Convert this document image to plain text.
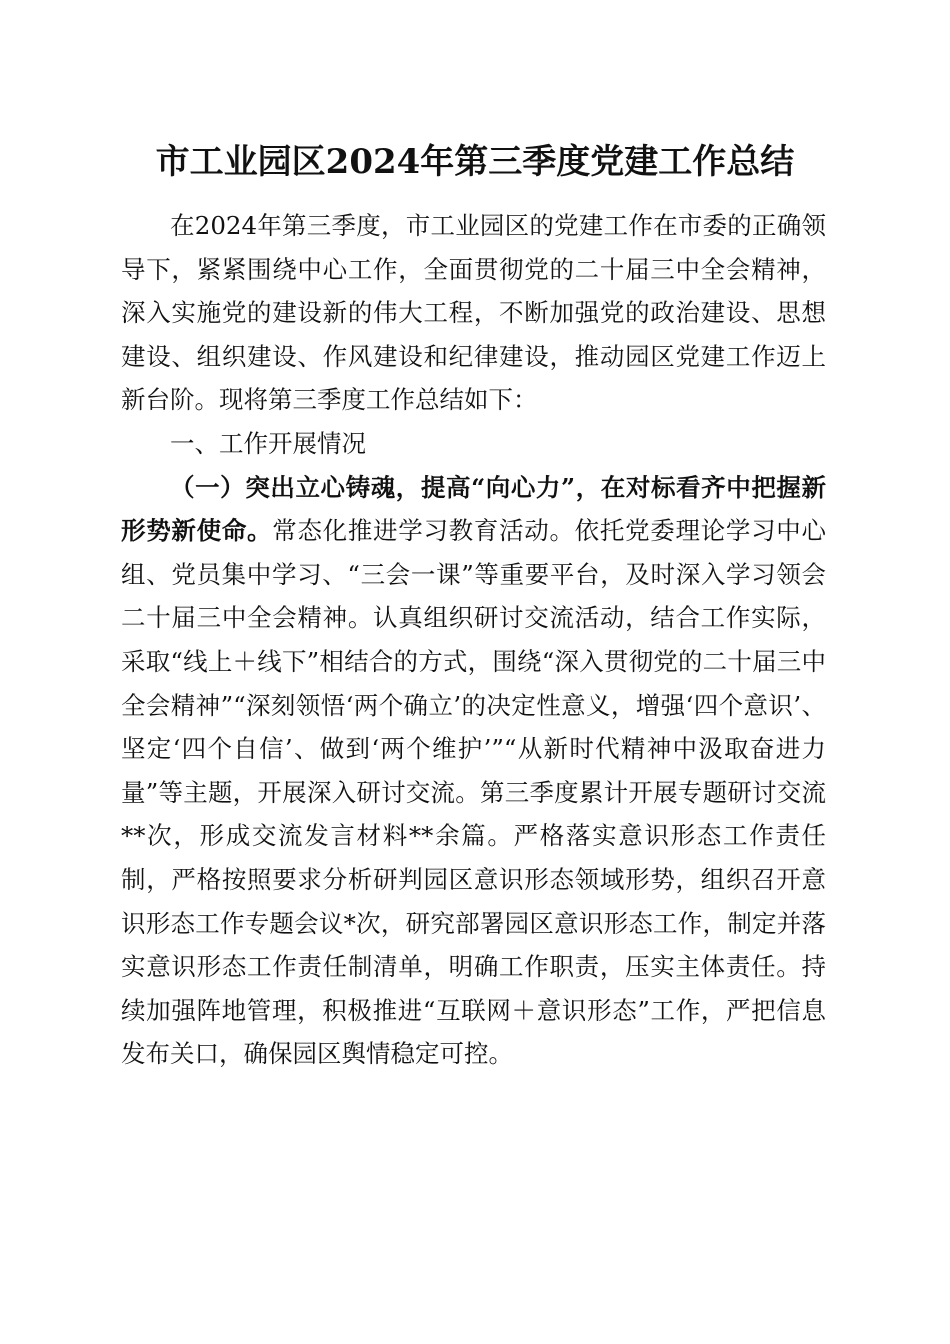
市工业园区2024年第三季度党建工作总结

在2024年第三季度，市工业园区的党建工作在市委的正确领导下，紧紧围绕中心工作，全面贯彻党的二十届三中全会精神，深入实施党的建设新的伟大工程，不断加强党的政治建设、思想建设、组织建设、作风建设和纪律建设，推动园区党建工作迈上新台阶。现将第三季度工作总结如下：

一、工作开展情况

（一）突出立心铸魂，提高“向心力”，在对标看齐中把握新形势新使命。常态化推进学习教育活动。依托党委理论学习中心组、党员集中学习、“三会一课”等重要平台，及时深入学习领会二十届三中全会精神。认真组织研讨交流活动，结合工作实际，采取“线上＋线下”相结合的方式，围绕“深入贯彻党的二十届三中全会精神”“深刻领悟‘两个确立’的决定性意义，增强‘四个意识’、坚定‘四个自信’、做到‘两个维护’”“从新时代精神中汲取奋进力量”等主题，开展深入研讨交流。第三季度累计开展专题研讨交流**次，形成交流发言材料**余篇。严格落实意识形态工作责任制，严格按照要求分析研判园区意识形态领域形势，组织召开意识形态工作专题会议*次，研究部署园区意识形态工作，制定并落实意识形态工作责任制清单，明确工作职责，压实主体责任。持续加强阵地管理，积极推进“互联网＋意识形态”工作，严把信息发布关口，确保园区舆情稳定可控。
